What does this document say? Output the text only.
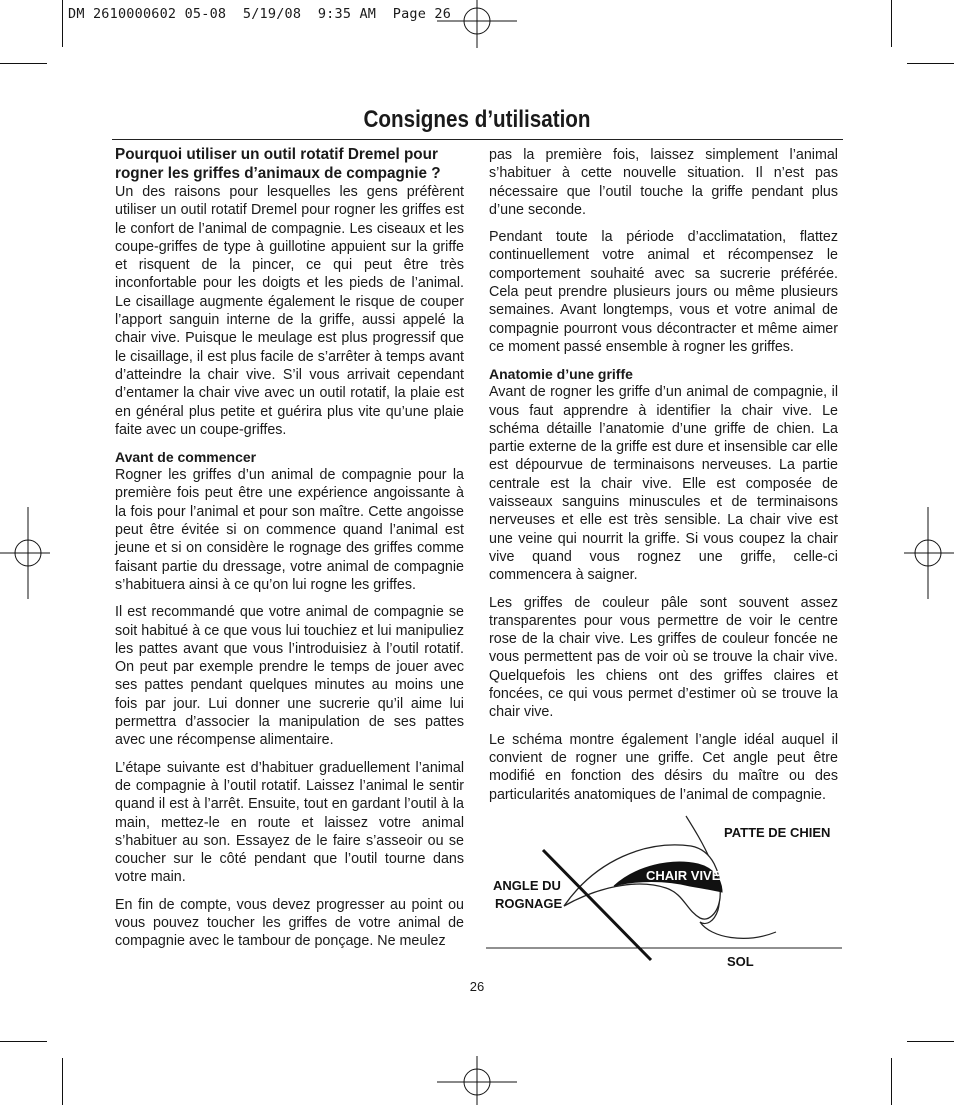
DM 2610000602 05-08  5/19/08  9:35 AM  Page 26
Consignes d’utilisation
Pourquoi utiliser un outil rotatif Dremel pour rogner les griffes d’animaux de compagnie ?

Un des raisons pour lesquelles les gens préfèrent utiliser un outil rotatif Dremel pour rogner les griffes est le confort de l’animal de compagnie. Les ciseaux et les coupe-griffes de type à guillotine appuient sur la griffe et risquent de la pincer, ce qui peut être très inconfortable pour les doigts et les pieds de l’animal. Le cisaillage augmente également le risque de couper l’apport sanguin interne de la griffe, aussi appelé la chair vive. Puisque le meulage est plus progressif que le cisaillage, il est plus facile de s’arrêter à temps avant d’atteindre la chair vive. S’il vous arrivait cependant d’entamer la chair vive avec un outil rotatif, la plaie est en général plus petite et guérira plus vite qu’une plaie faite avec un coupe-griffes.

Avant de commencer

Rogner les griffes d’un animal de compagnie pour la première fois peut être une expérience angoissante à la fois pour l’animal et pour son maître. Cette angoisse peut être évitée si on commence quand l’animal est jeune et si on considère le rognage des griffes comme faisant partie du dressage, votre animal de compagnie s’habituera ainsi à ce qu’on lui rogne les griffes.

Il est recommandé que votre animal de compagnie se soit habitué à ce que vous lui touchiez et lui manipuliez les pattes avant que vous l’introduisiez à l’outil rotatif. On peut par exemple prendre le temps de jouer avec ses pattes pendant quelques minutes au moins une fois par jour. Lui donner une sucrerie qu’il aime lui permettra d’associer la manipulation de ses pattes avec une récompense alimentaire.

L’étape suivante est d’habituer graduellement l’animal de compagnie à l’outil rotatif. Laissez l’animal le sentir quand il est à l’arrêt. Ensuite, tout en gardant l’outil à la main, mettez-le en route et laissez votre animal s’habituer au son. Essayez de le faire s’asseoir ou se coucher sur le côté pendant que l’outil tourne dans votre main.

En fin de compte, vous devez progresser au point ou vous pouvez toucher les griffes de votre animal de compagnie avec le tambour de ponçage. Ne meulez

pas la première fois, laissez simplement l’animal s’habituer à cette nouvelle situation. Il n’est pas nécessaire que l’outil touche la griffe pendant plus d’une seconde.

Pendant toute la période d’acclimatation, flattez continuellement votre animal et récompensez le comportement souhaité avec sa sucrerie préférée. Cela peut prendre plusieurs jours ou même plusieurs semaines. Avant longtemps, vous et votre animal de compagnie pourront vous décontracter et même aimer ce moment passé ensemble à rogner les griffes.

Anatomie d’une griffe

Avant de rogner les griffe d’un animal de compagnie, il vous faut apprendre à identifier la chair vive. Le schéma détaille l’anatomie d’une griffe de chien. La partie externe de la griffe est dure et insensible car elle est dépourvue de terminaisons nerveuses. La partie centrale est la chair vive. Elle est composée de vaisseaux sanguins minuscules et de terminaisons nerveuses et elle est très sensible. La chair vive est une veine qui nourrit la griffe. Si vous coupez la chair vive quand vous rognez une griffe, celle-ci commencera à saigner.

Les griffes de couleur pâle sont souvent assez transparentes pour vous permettre de voir le centre rose de la chair vive. Les griffes de couleur foncée ne vous permettent pas de voir où se trouve la chair vive. Quelquefois les chiens ont des griffes claires et foncées, ce qui vous permet d’estimer où se trouve la chair vive.

Le schéma montre également l’angle idéal auquel il convient de rogner une griffe. Cet angle peut être modifié en fonction des désirs du maître ou des particularités anatomiques de l’animal de compagnie.

PATTE DE CHIEN
CHAIR VIVE
ANGLE DU
ROGNAGE
SOL
26
